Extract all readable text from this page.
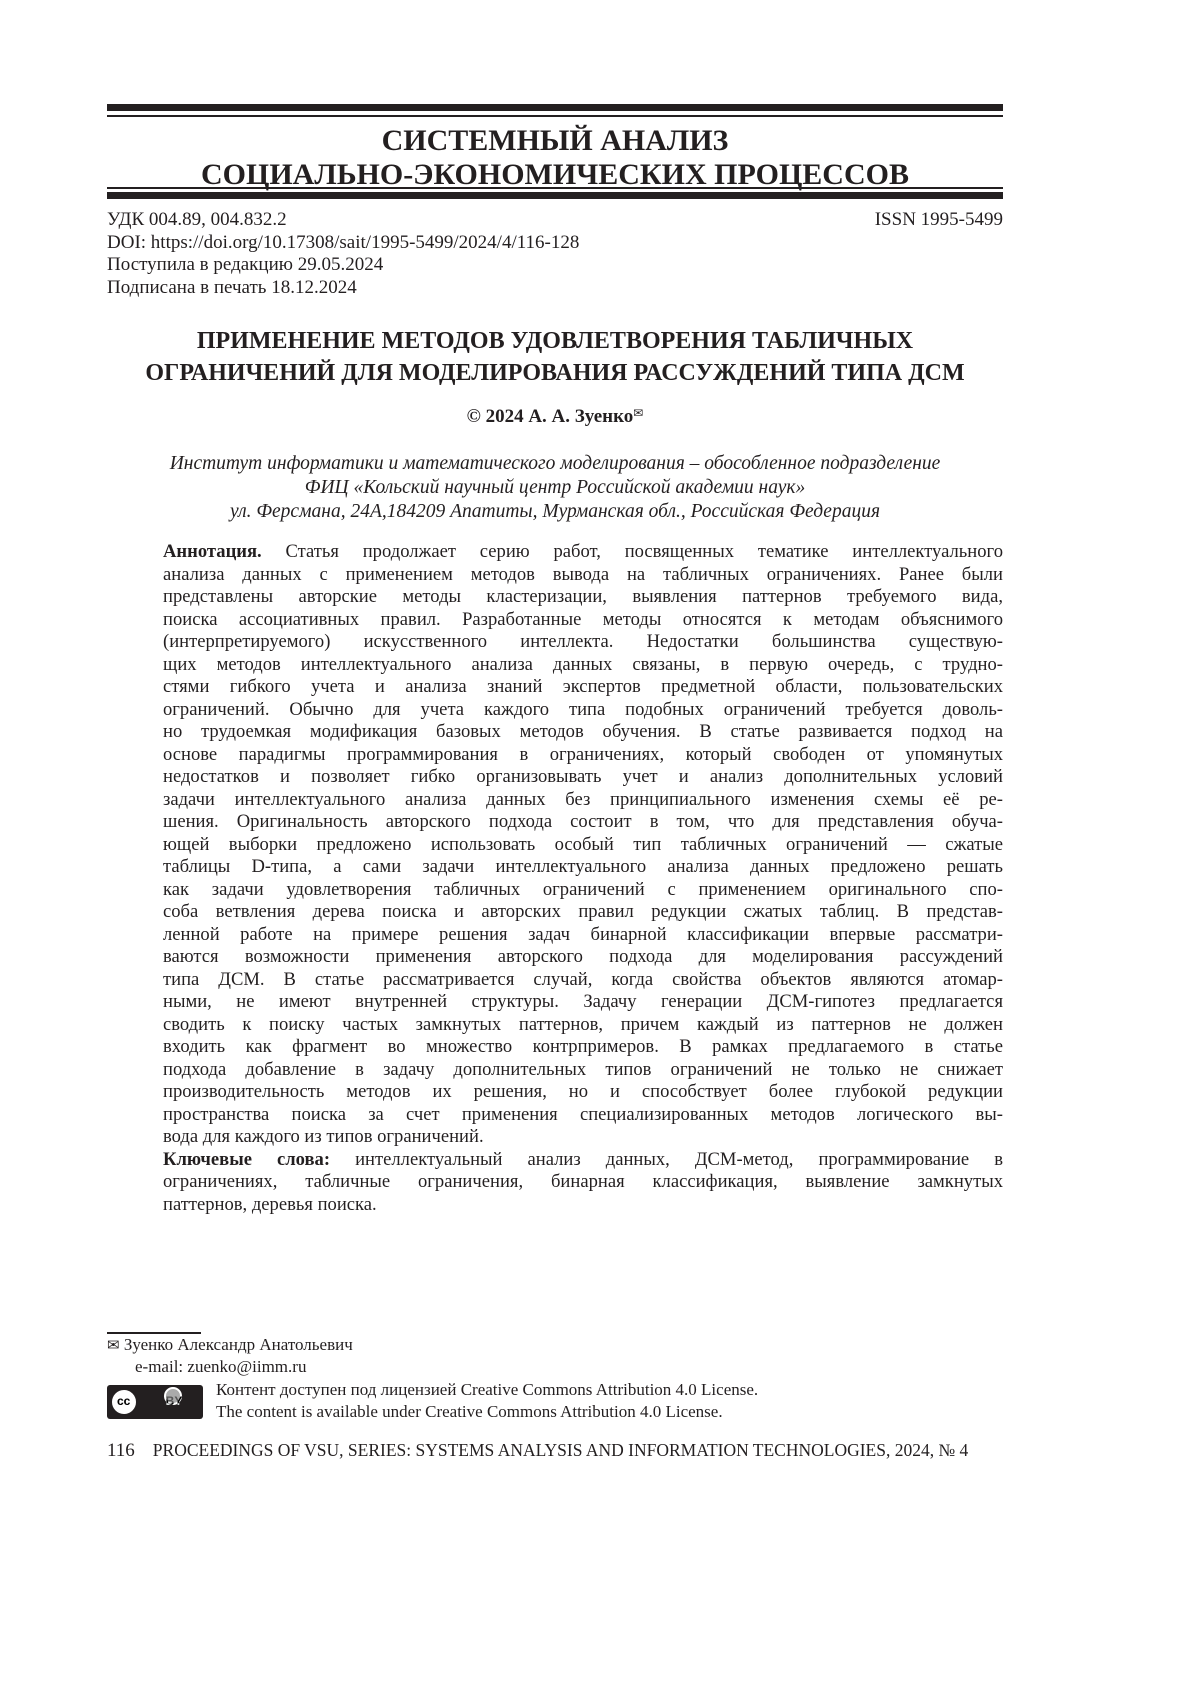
СИСТЕМНЫЙ АНАЛИЗ
СОЦИАЛЬНО-ЭКОНОМИЧЕСКИХ ПРОЦЕССОВ
УДК 004.89, 004.832.2	ISSN 1995-5499
DOI: https://doi.org/10.17308/sait/1995-5499/2024/4/116-128
Поступила в редакцию 29.05.2024
Подписана в печать 18.12.2024
ПРИМЕНЕНИЕ МЕТОДОВ УДОВЛЕТВОРЕНИЯ ТАБЛИЧНЫХ
ОГРАНИЧЕНИЙ ДЛЯ МОДЕЛИРОВАНИЯ РАССУЖДЕНИЙ ТИПА ДСМ
© 2024 А. А. Зуенко✉
Институт информатики и математического моделирования – обособленное подразделение
ФИЦ «Кольский научный центр Российской академии наук»
ул. Ферсмана, 24А,184209 Апатиты, Мурманская обл., Российская Федерация
Аннотация. Статья продолжает серию работ, посвященных тематике интеллектуального
анализа данных с применением методов вывода на табличных ограничениях. Ранее были
представлены авторские методы кластеризации, выявления паттернов требуемого вида,
поиска ассоциативных правил. Разработанные методы относятся к методам объяснимого
(интерпретируемого) искусственного интеллекта. Недостатки большинства существую-
щих методов интеллектуального анализа данных связаны, в первую очередь, с трудно-
стями гибкого учета и анализа знаний экспертов предметной области, пользовательских
ограничений. Обычно для учета каждого типа подобных ограничений требуется доволь-
но трудоемкая модификация базовых методов обучения. В статье развивается подход на
основе парадигмы программирования в ограничениях, который свободен от упомянутых
недостатков и позволяет гибко организовывать учет и анализ дополнительных условий
задачи интеллектуального анализа данных без принципиального изменения схемы её ре-
шения. Оригинальность авторского подхода состоит в том, что для представления обуча-
ющей выборки предложено использовать особый тип табличных ограничений — сжатые
таблицы D-типа, а сами задачи интеллектуального анализа данных предложено решать
как задачи удовлетворения табличных ограничений с применением оригинального спо-
соба ветвления дерева поиска и авторских правил редукции сжатых таблиц. В представ-
ленной работе на примере решения задач бинарной классификации впервые рассматри-
ваются возможности применения авторского подхода для моделирования рассуждений
типа ДСМ. В статье рассматривается случай, когда свойства объектов являются атомар-
ными, не имеют внутренней структуры. Задачу генерации ДСМ-гипотез предлагается
сводить к поиску частых замкнутых паттернов, причем каждый из паттернов не должен
входить как фрагмент во множество контрпримеров. В рамках предлагаемого в статье
подхода добавление в задачу дополнительных типов ограничений не только не снижает
производительность методов их решения, но и способствует более глубокой редукции
пространства поиска за счет применения специализированных методов логического вы-
вода для каждого из типов ограничений.
Ключевые слова: интеллектуальный анализ данных, ДСМ-метод, программирование в
ограничениях, табличные ограничения, бинарная классификация, выявление замкнутых
паттернов, деревья поиска.
✉ Зуенко Александр Анатольевич
e-mail: zuenko@iimm.ru
cc BY
Контент доступен под лицензией Creative Commons Attribution 4.0 License.
The content is available under Creative Commons Attribution 4.0 License.
116 PROCEEDINGS OF VSU, SERIES: SYSTEMS ANALYSIS AND INFORMATION TECHNOLOGIES, 2024, № 4
